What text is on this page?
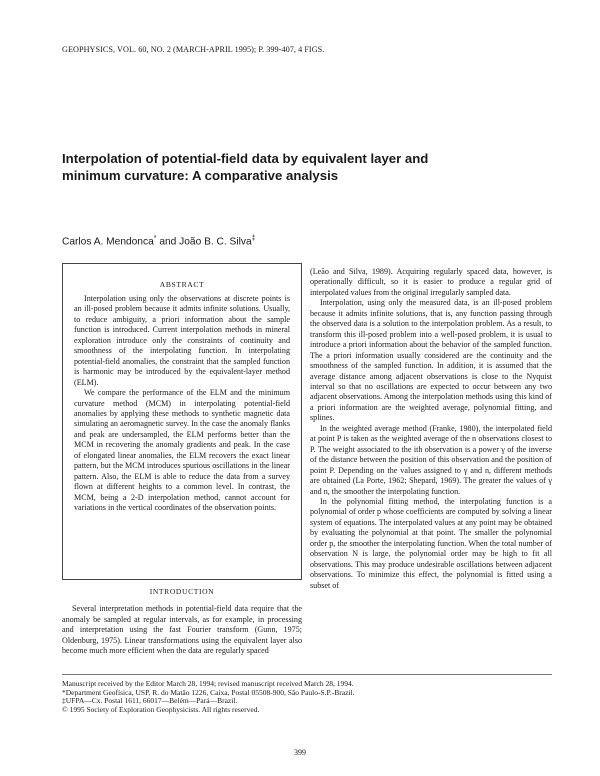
GEOPHYSICS, VOL. 60, NO. 2 (MARCH-APRIL 1995); P. 399-407, 4 FIGS.
Interpolation of potential-field data by equivalent layer and
minimum curvature: A comparative analysis
Carlos A. Mendonca* and João B. C. Silva‡
ABSTRACT

Interpolation using only the observations at discrete points is an ill-posed problem because it admits infinite solutions. Usually, to reduce ambiguity, a priori information about the sample function is introduced. Current interpolation methods in mineral exploration introduce only the constraints of continuity and smoothness of the interpolating function. In interpolating potential-field anomalies, the constraint that the sampled function is harmonic may be introduced by the equivalent-layer method (ELM).

We compare the performance of the ELM and the minimum curvature method (MCM) in interpolating potential-field anomalies by applying these methods to synthetic magnetic data simulating an aeromagnetic survey. In the case the anomaly flanks and peak are undersampled, the ELM performs better than the MCM in recovering the anomaly gradients and peak. In the case of elongated linear anomalies, the ELM recovers the exact linear pattern, but the MCM introduces spurious oscillations in the linear pattern. Also, the ELM is able to reduce the data from a survey flown at different heights to a common level. In contrast, the MCM, being a 2-D interpolation method, cannot account for variations in the vertical coordinates of the observation points.

INTRODUCTION

Several interpretation methods in potential-field data require that the anomaly be sampled at regular intervals, as for example, in processing and interpretation using the fast Fourier transform (Gunn, 1975; Oldenburg, 1975). Linear transformations using the equivalent layer also become much more efficient when the data are regularly spaced

(Leão and Silva, 1989). Acquiring regularly spaced data, however, is operationally difficult, so it is easier to produce a regular grid of interpolated values from the original irregularly sampled data.

Interpolation, using only the measured data, is an ill-posed problem because it admits infinite solutions, that is, any function passing through the observed data is a solution to the interpolation problem. As a result, to transform this ill-posed problem into a well-posed problem, it is usual to introduce a priori information about the behavior of the sampled function. The a priori information usually considered are the continuity and the smoothness of the sampled function. In addition, it is assumed that the average distance among adjacent observations is close to the Nyquist interval so that no oscillations are expected to occur between any two adjacent observations. Among the interpolation methods using this kind of a priori information are the weighted average, polynomial fitting, and splines.

In the weighted average method (Franke, 1980), the interpolated field at point P is taken as the weighted average of the n observations closest to P. The weight associated to the ith observation is a power γ of the inverse of the distance between the position of this observation and the position of point P. Depending on the values assigned to γ and n, different methods are obtained (La Porte, 1962; Shepard, 1969). The greater the values of γ and n, the smoother the interpolating function.

In the polynomial fitting method, the interpolating function is a polynomial of order p whose coefficients are computed by solving a linear system of equations. The interpolated values at any point may be obtained by evaluating the polynomial at that point. The smaller the polynomial order p, the smoother the interpolating function. When the total number of observation N is large, the polynomial order may be high to fit all observations. This may produce undesirable oscillations between adjacent observations. To minimize this effect, the polynomial is fitted using a subset of

Manuscript received by the Editor March 28, 1994; revised manuscript received March 28, 1994.
*Department Geofísica, USP, R. do Matão 1226, Caixa, Postal 05508-900, São Paulo-S.P.-Brazil.
‡UFPA—Cx. Postal 1611, 66017—Belém—Pará—Brazil.
© 1995 Society of Exploration Geophysicists. All rights reserved.
399
